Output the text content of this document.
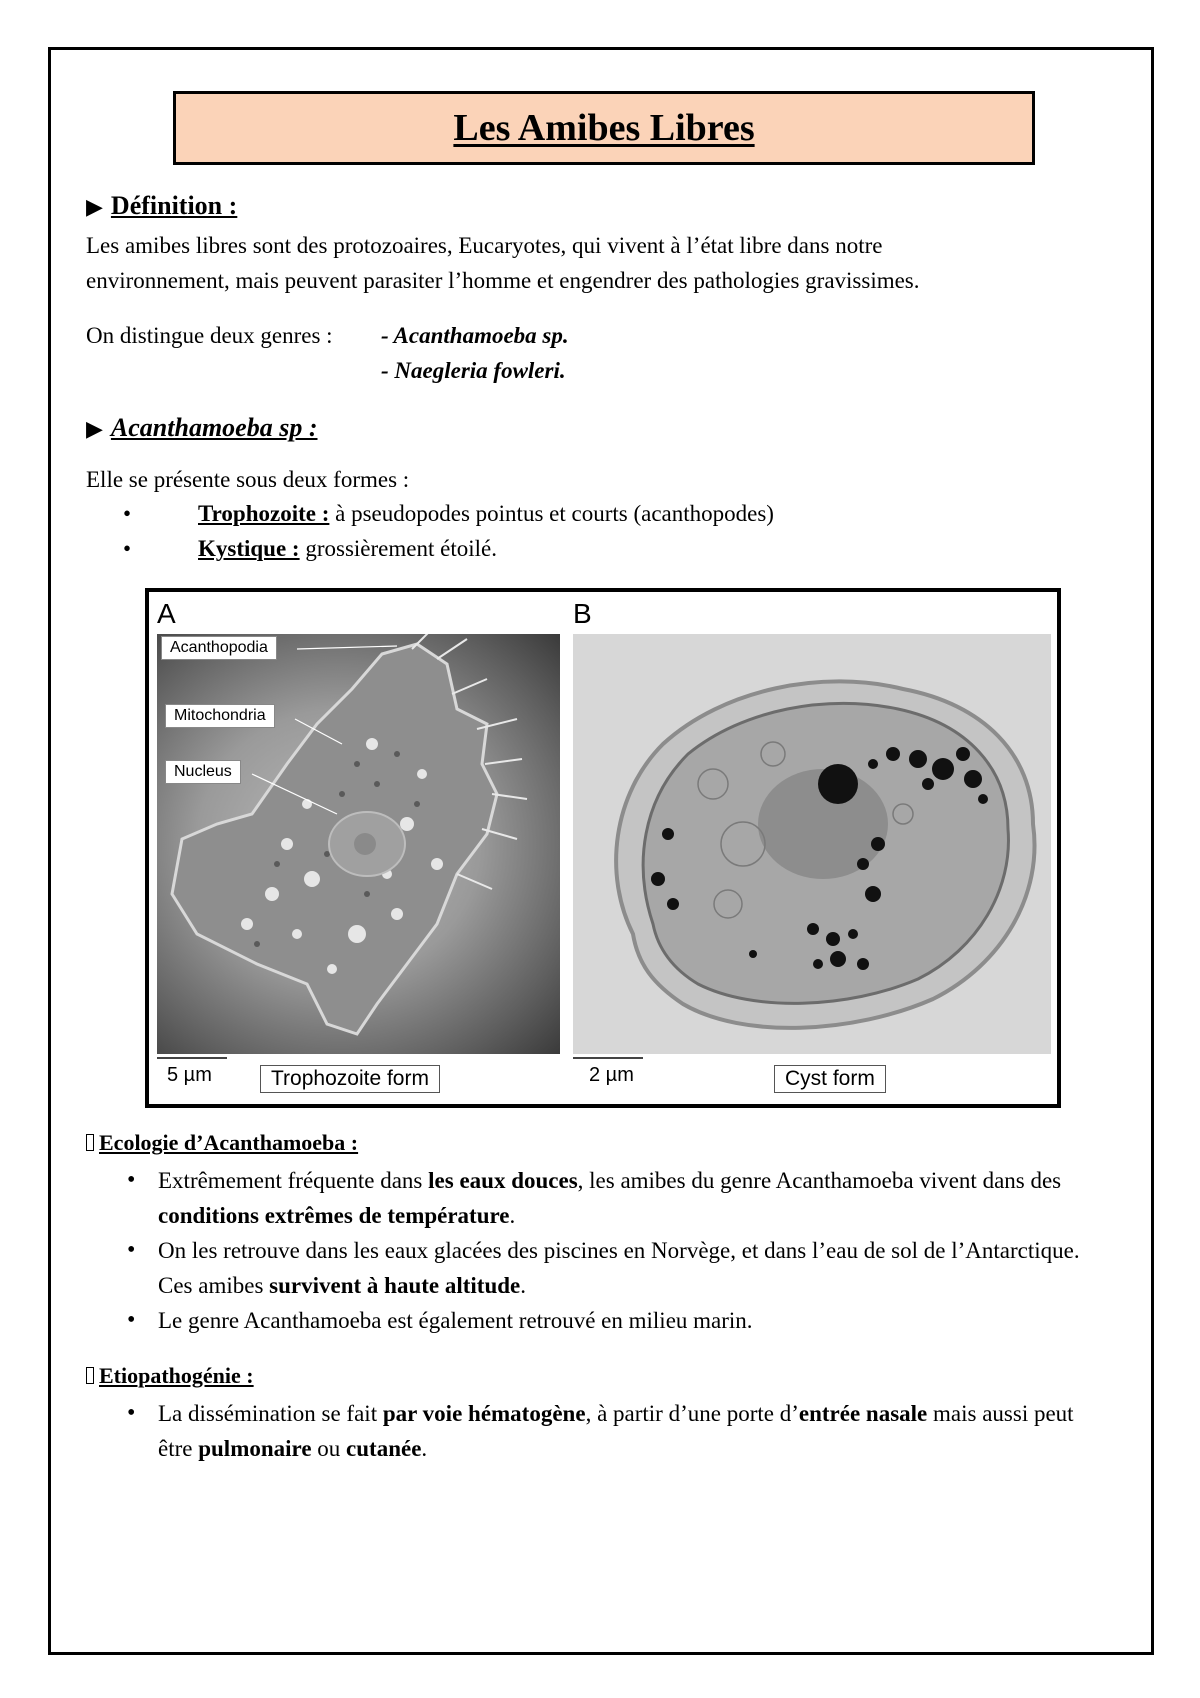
Les Amibes Libres
▶ Définition :
Les amibes libres sont des protozoaires, Eucaryotes, qui vivent à l’état libre dans notre
environnement, mais peuvent parasiter l’homme et engendrer des pathologies gravissimes.
On distingue deux genres : - Acanthamoeba sp.
- Naegleria fowleri.
▶ Acanthamoeba sp :
Elle se présente sous deux formes :
•	Trophozoite : à pseudopodes pointus et courts (acanthopodes)
•	Kystique : grossièrement étoilé.
A	B
Acanthopodia
Mitochondria
Nucleus
5 µm	Trophozoite form	2 µm	Cyst form
Ecologie d’Acanthamoeba :
• Extrêmement fréquente dans les eaux douces, les amibes du genre Acanthamoeba vivent dans des conditions extrêmes de température.
• On les retrouve dans les eaux glacées des piscines en Norvège, et dans l’eau de sol de l’Antarctique. Ces amibes survivent à haute altitude.
• Le genre Acanthamoeba est également retrouvé en milieu marin.
Etiopathogénie :
• La dissémination se fait par voie hématogène, à partir d’une porte d’entrée nasale mais aussi peut être pulmonaire ou cutanée.
